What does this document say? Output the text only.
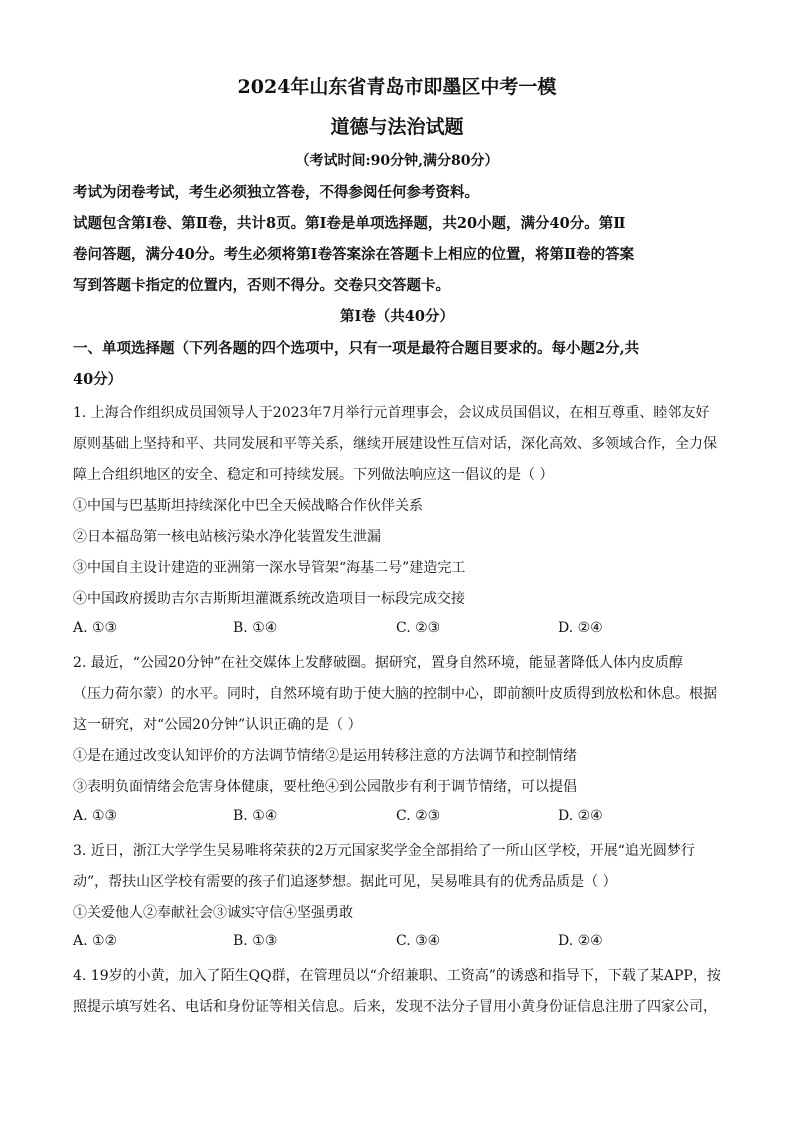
2024年山东省青岛市即墨区中考一模
道德与法治试题
（考试时间:90分钟,满分80分）
考试为闭卷考试，考生必须独立答卷，不得参阅任何参考资料。
试题包含第Ⅰ卷、第Ⅱ卷，共计8页。第Ⅰ卷是单项选择题，共20小题，满分40分。第Ⅱ
卷问答题，满分40分。考生必须将第Ⅰ卷答案涂在答题卡上相应的位置，将第Ⅱ卷的答案
写到答题卡指定的位置内，否则不得分。交卷只交答题卡。
第Ⅰ卷（共40分）
一、单项选择题（下列各题的四个选项中，只有一项是最符合题目要求的。每小题2分,共
40分）
1. 上海合作组织成员国领导人于2023年7月举行元首理事会，会议成员国倡议，在相互尊重、睦邻友好
原则基础上坚持和平、共同发展和平等关系，继续开展建设性互信对话，深化高效、多领域合作，全力保
障上合组织地区的安全、稳定和可持续发展。下列做法响应这一倡议的是（ ）
①中国与巴基斯坦持续深化中巴全天候战略合作伙伴关系
②日本福岛第一核电站核污染水净化装置发生泄漏
③中国自主设计建造的亚洲第一深水导管架“海基二号”建造完工
④中国政府援助吉尔吉斯斯坦灌溉系统改造项目一标段完成交接
A. ①③	B. ①④	C. ②③	D. ②④
2. 最近，“公园20分钟”在社交媒体上发酵破圈。据研究，置身自然环境，能显著降低人体内皮质醇
（压力荷尔蒙）的水平。同时，自然环境有助于使大脑的控制中心，即前额叶皮质得到放松和休息。根据
这一研究，对“公园20分钟”认识正确的是（ ）
①是在通过改变认知评价的方法调节情绪②是运用转移注意的方法调节和控制情绪
③表明负面情绪会危害身体健康，要杜绝④到公园散步有利于调节情绪，可以提倡
A. ①③	B. ①④	C. ②③	D. ②④
3. 近日，浙江大学学生吴易唯将荣获的2万元国家奖学金全部捐给了一所山区学校，开展“追光圆梦行
动”，帮扶山区学校有需要的孩子们追逐梦想。据此可见，吴易唯具有的优秀品质是（ ）
①关爱他人②奉献社会③诚实守信④坚强勇敢
A. ①②	B. ①③	C. ③④	D. ②④
4. 19岁的小黄，加入了陌生QQ群，在管理员以“介绍兼职、工资高”的诱惑和指导下，下载了某APP，按
照提示填写姓名、电话和身份证等相关信息。后来，发现不法分子冒用小黄身份证信息注册了四家公司，
